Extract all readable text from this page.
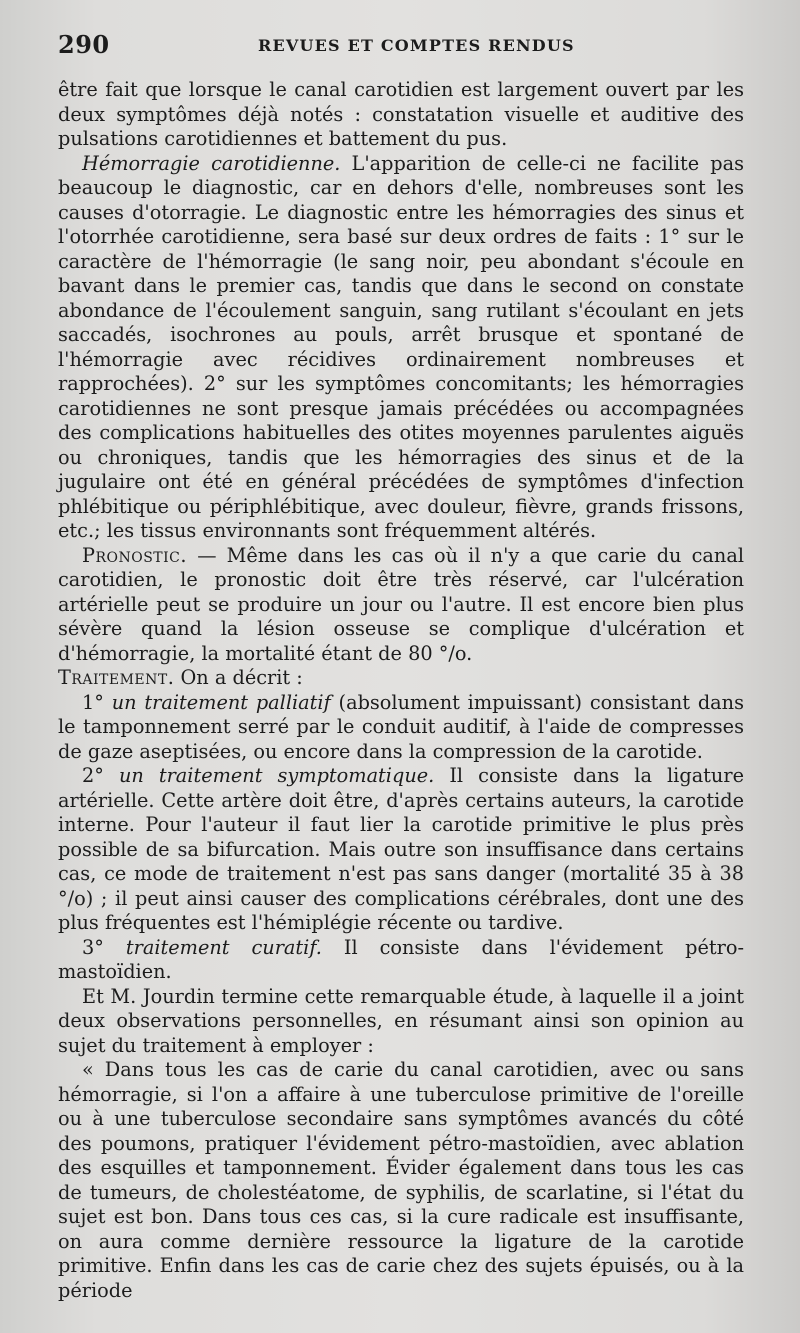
290	REVUES ET COMPTES RENDUS

être fait que lorsque le canal carotidien est largement ouvert par les deux symptômes déjà notés : constatation visuelle et auditive des pulsations carotidiennes et battement du pus.

Hémorragie carotidienne. L'apparition de celle-ci ne facilite pas beaucoup le diagnostic, car en dehors d'elle, nombreuses sont les causes d'otorragie. Le diagnostic entre les hémorragies des sinus et l'otorrhée carotidienne, sera basé sur deux ordres de faits : 1° sur le caractère de l'hémorragie (le sang noir, peu abondant s'écoule en bavant dans le premier cas, tandis que dans le second on constate abondance de l'écoulement sanguin, sang rutilant s'écoulant en jets saccadés, isochrones au pouls, arrêt brusque et spontané de l'hémorragie avec récidives ordinairement nombreuses et rapprochées). 2° sur les symptômes concomitants; les hémorragies carotidiennes ne sont presque jamais précédées ou accompagnées des complications habituelles des otites moyennes parulentes aiguës ou chroniques, tandis que les hémorragies des sinus et de la jugulaire ont été en général précédées de symptômes d'infection phlébitique ou périphlébitique, avec douleur, fièvre, grands frissons, etc.; les tissus environnants sont fréquemment altérés.

Pronostic. — Même dans les cas où il n'y a que carie du canal carotidien, le pronostic doit être très réservé, car l'ulcération artérielle peut se produire un jour ou l'autre. Il est encore bien plus sévère quand la lésion osseuse se complique d'ulcération et d'hémorragie, la mortalité étant de 80 °/o.

Traitement. On a décrit :

1° un traitement palliatif (absolument impuissant) consistant dans le tamponnement serré par le conduit auditif, à l'aide de compresses de gaze aseptisées, ou encore dans la compression de la carotide.

2° un traitement symptomatique. Il consiste dans la ligature artérielle. Cette artère doit être, d'après certains auteurs, la carotide interne. Pour l'auteur il faut lier la carotide primitive le plus près possible de sa bifurcation. Mais outre son insuffisance dans certains cas, ce mode de traitement n'est pas sans danger (mortalité 35 à 38 °/o) ; il peut ainsi causer des complications cérébrales, dont une des plus fréquentes est l'hémiplégie récente ou tardive.

3° traitement curatif. Il consiste dans l'évidement pétro-mastoïdien.

Et M. Jourdin termine cette remarquable étude, à laquelle il a joint deux observations personnelles, en résumant ainsi son opinion au sujet du traitement à employer :

« Dans tous les cas de carie du canal carotidien, avec ou sans hémorragie, si l'on a affaire à une tuberculose primitive de l'oreille ou à une tuberculose secondaire sans symptômes avancés du côté des poumons, pratiquer l'évidement pétro-mastoïdien, avec ablation des esquilles et tamponnement. Évider également dans tous les cas de tumeurs, de cholestéatome, de syphilis, de scarlatine, si l'état du sujet est bon. Dans tous ces cas, si la cure radicale est insuffisante, on aura comme dernière ressource la ligature de la carotide primitive. Enfin dans les cas de carie chez des sujets épuisés, ou à la période
